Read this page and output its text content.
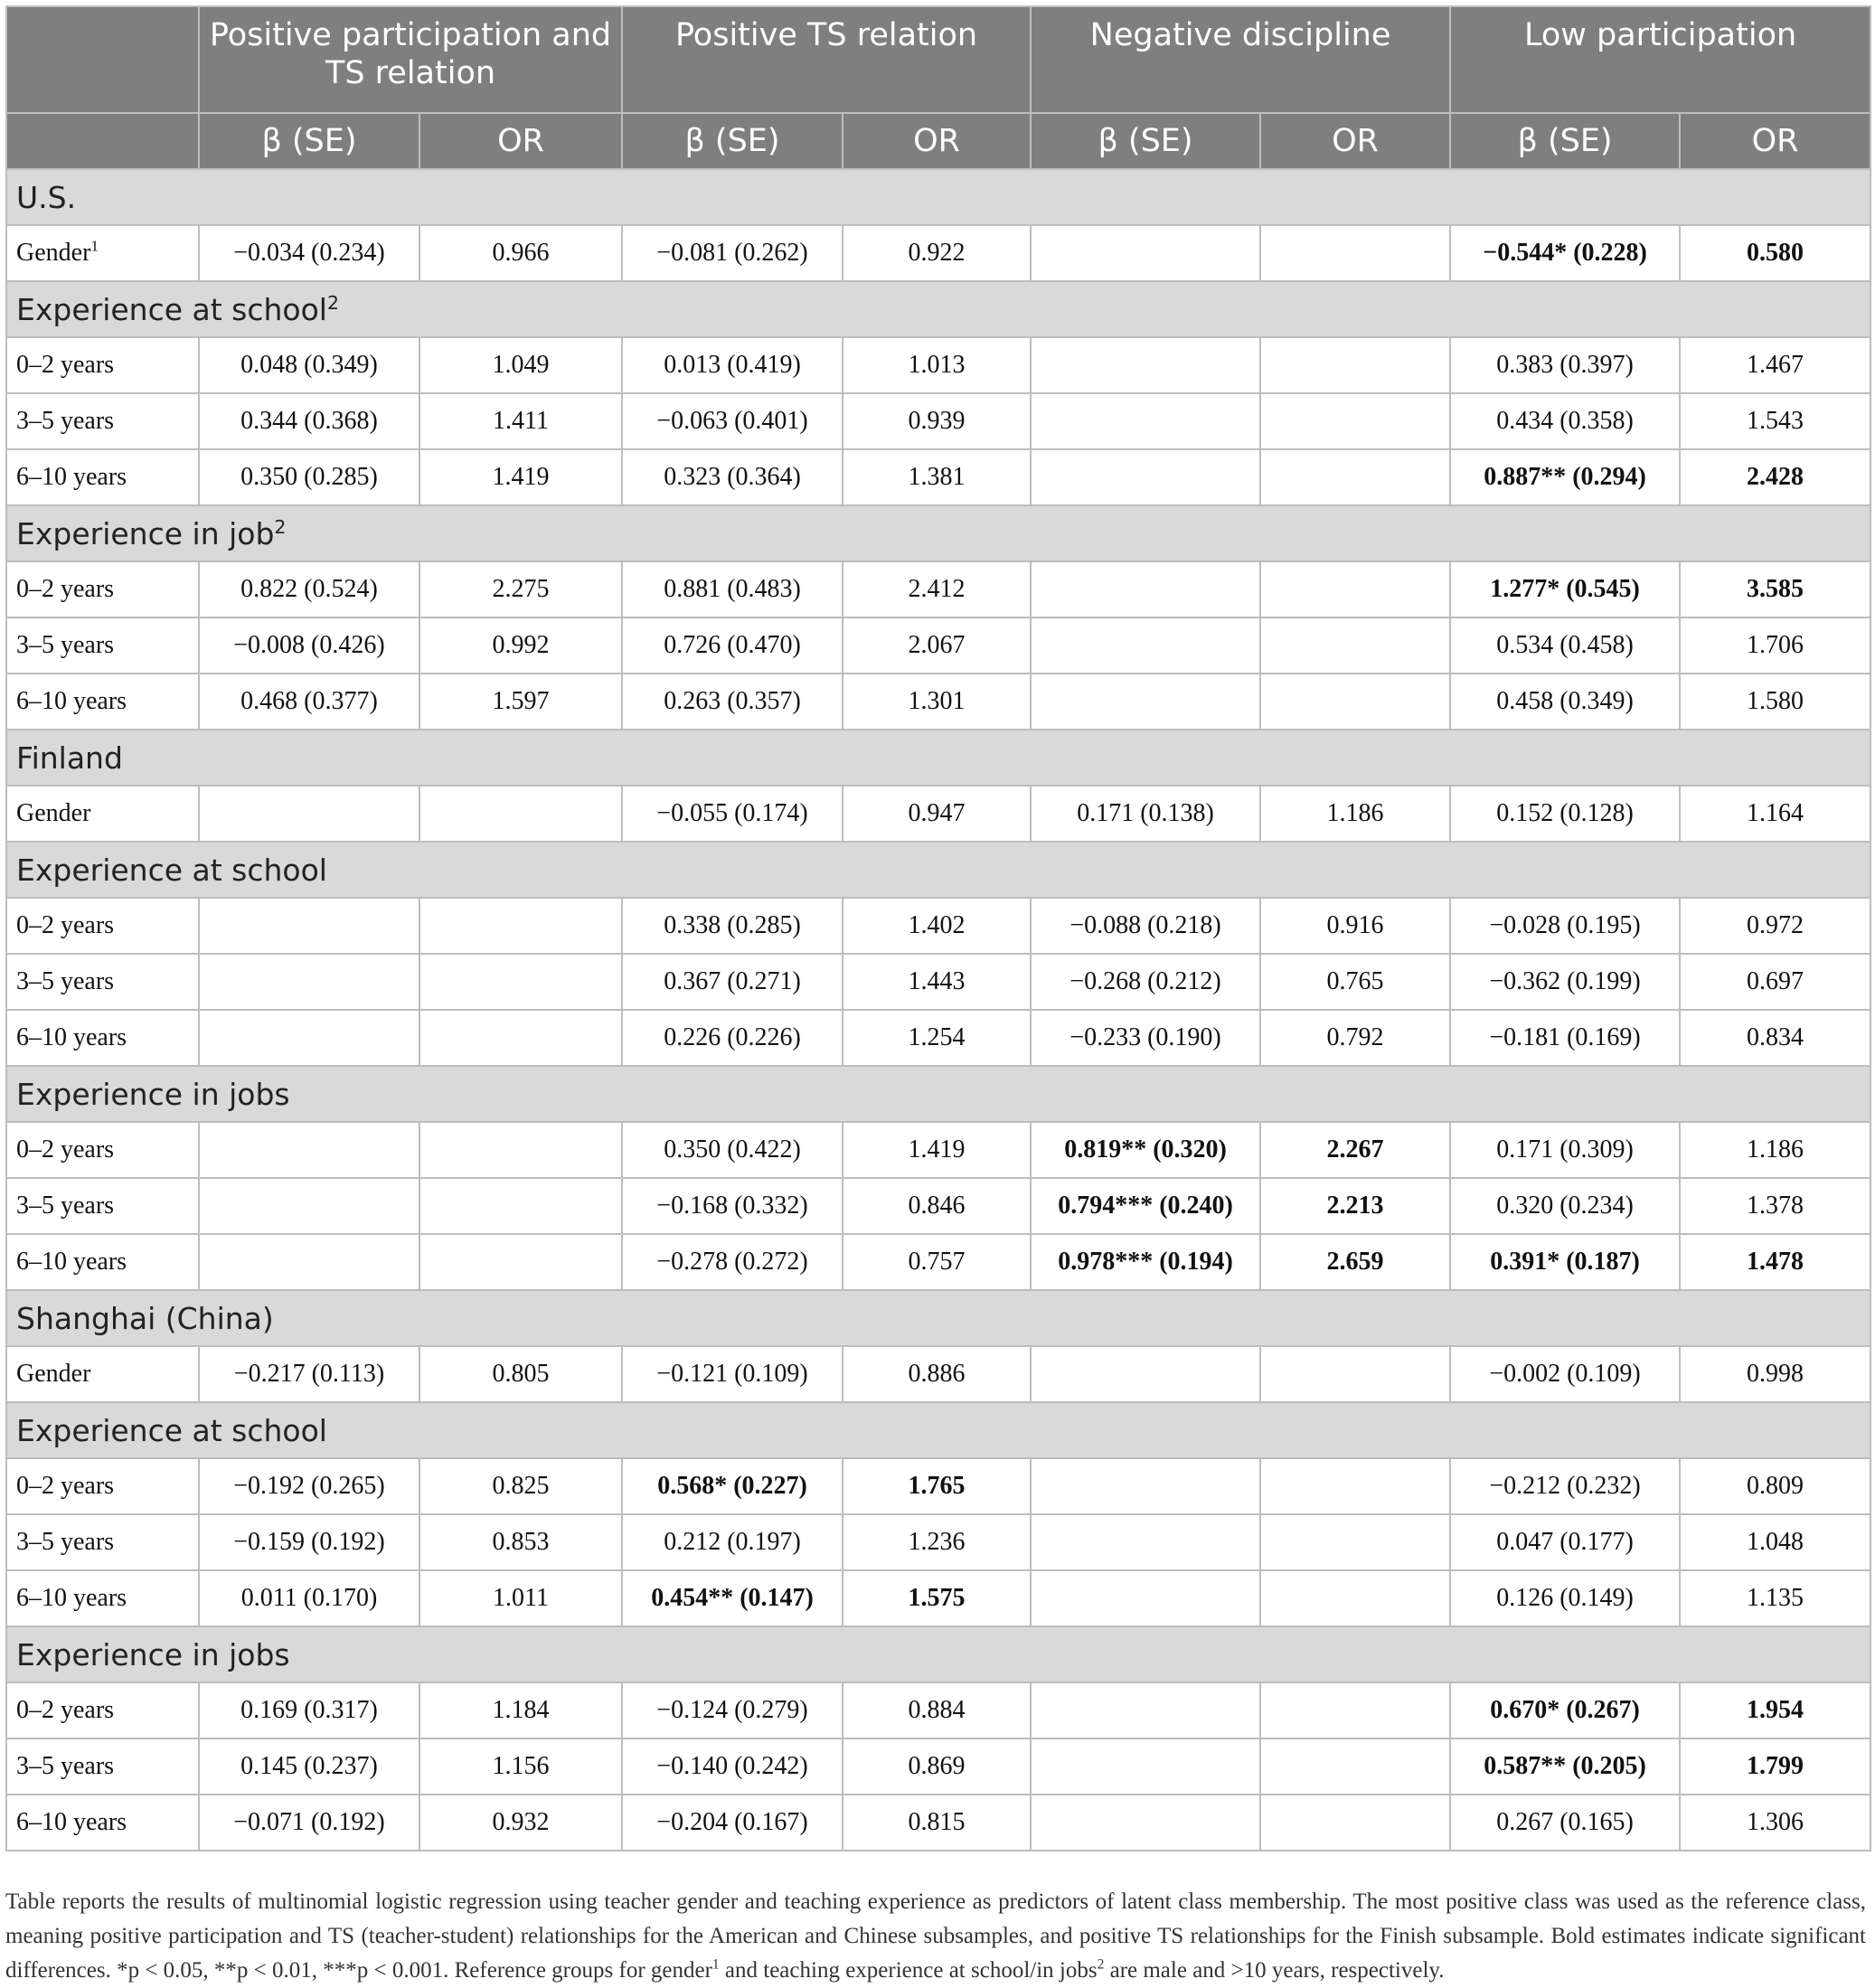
	Positive participation and TS relation		Positive TS relation		Negative discipline		Low participation	
	β (SE)	OR	β (SE)	OR	β (SE)	OR	β (SE)	OR
U.S.								
Gender$^1$	−0.034 (0.234)	0.966	−0.081 (0.262)	0.922			−0.544* (0.228)	0.580
Experience at school$^2$
0–2 years	0.048 (0.349)	1.049	0.013 (0.419)	1.013			0.383 (0.397)	1.467
3–5 years	0.344 (0.368)	1.411	−0.063 (0.401)	0.939			0.434 (0.358)	1.543
6–10 years	0.350 (0.285)	1.419	0.323 (0.364)	1.381			0.887** (0.294)	2.428
Experience in job$^2$
0–2 years	0.822 (0.524)	2.275	0.881 (0.483)	2.412			1.277* (0.545)	3.585
3–5 years	−0.008 (0.426)	0.992	0.726 (0.470)	2.067			0.534 (0.458)	1.706
6–10 years	0.468 (0.377)	1.597	0.263 (0.357)	1.301			0.458 (0.349)	1.580
Finland								
Gender			−0.055 (0.174)	0.947	0.171 (0.138)	1.186	0.152 (0.128)	1.164
Experience at school								
0–2 years			0.338 (0.285)	1.402	−0.088 (0.218)	0.916	−0.028 (0.195)	0.972
3–5 years			0.367 (0.271)	1.443	−0.268 (0.212)	0.765	−0.362 (0.199)	0.697
6–10 years			0.226 (0.226)	1.254	−0.233 (0.190)	0.792	−0.181 (0.169)	0.834
Experience in jobs								
0–2 years			0.350 (0.422)	1.419	0.819** (0.320)	2.267	0.171 (0.309)	1.186
3–5 years			−0.168 (0.332)	0.846	0.794*** (0.240)	2.213	0.320 (0.234)	1.378
6–10 years			−0.278 (0.272)	0.757	0.978*** (0.194)	2.659	0.391* (0.187)	1.478
Shanghai (China)								
Gender	−0.217 (0.113)	0.805	−0.121 (0.109)	0.886			−0.002 (0.109)	0.998
Experience at school								
0–2 years	−0.192 (0.265)	0.825	0.568* (0.227)	1.765			−0.212 (0.232)	0.809
3–5 years	−0.159 (0.192)	0.853	0.212 (0.197)	1.236			0.047 (0.177)	1.048
6–10 years	0.011 (0.170)	1.011	0.454** (0.147)	1.575			0.126 (0.149)	1.135
Experience in jobs								
0–2 years	0.169 (0.317)	1.184	−0.124 (0.279)	0.884			0.670* (0.267)	1.954
3–5 years	0.145 (0.237)	1.156	−0.140 (0.242)	0.869			0.587** (0.205)	1.799
6–10 years	−0.071 (0.192)	0.932	−0.204 (0.167)	0.815			0.267 (0.165)	1.306
Table reports the results of multinomial logistic regression using teacher gender and teaching experience as predictors of latent class membership. The most positive class was used as the reference class, meaning positive participation and TS (teacher-student) relationships for the American and Chinese subsamples, and positive TS relationships for the Finish subsample. Bold estimates indicate significant differences. *p < 0.05, **p < 0.01, ***p < 0.001. Reference groups for gender$^1$ and teaching experience at school/in jobs$^2$ are male and >10 years, respectively.
